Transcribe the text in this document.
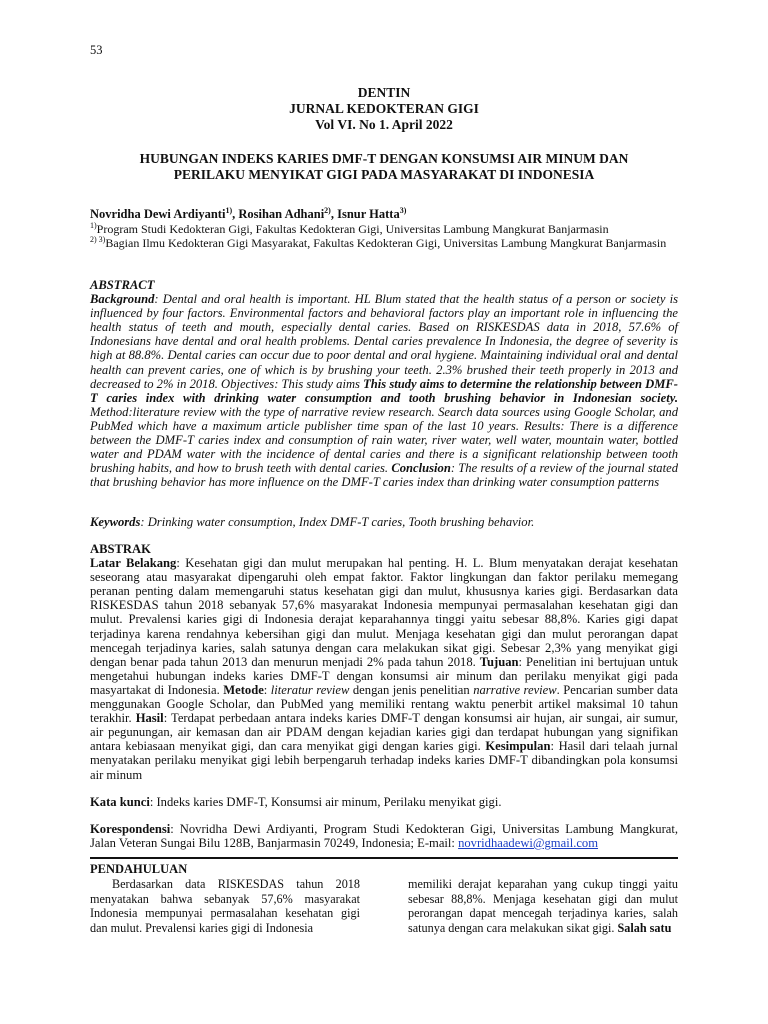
53
DENTIN
JURNAL KEDOKTERAN GIGI
Vol VI. No 1. April 2022
HUBUNGAN INDEKS KARIES DMF-T DENGAN KONSUMSI AIR MINUM DAN
PERILAKU MENYIKAT GIGI PADA MASYARAKAT DI INDONESIA
Novridha Dewi Ardiyanti$^{1)}$, Rosihan Adhani$^{2)}$, Isnur Hatta$^{3)}$
$^{1)}$Program Studi Kedokteran Gigi, Fakultas Kedokteran Gigi, Universitas Lambung Mangkurat Banjarmasin
$^{2) 3)}$Bagian Ilmu Kedokteran Gigi Masyarakat, Fakultas Kedokteran Gigi, Universitas Lambung Mangkurat Banjarmasin
ABSTRACT
Background: Dental and oral health is important. HL Blum stated that the health status of a person or society is influenced by four factors. Environmental factors and behavioral factors play an important role in influencing the health status of teeth and mouth, especially dental caries. Based on RISKESDAS data in 2018, 57.6% of Indonesians have dental and oral health problems. Dental caries prevalence In Indonesia, the degree of severity is high at 88.8%. Dental caries can occur due to poor dental and oral hygiene. Maintaining individual oral and dental health can prevent caries, one of which is by brushing your teeth. 2.3% brushed their teeth properly in 2013 and decreased to 2% in 2018. Objectives: This study aims This study aims to determine the relationship between DMF-T caries index with drinking water consumption and tooth brushing behavior in Indonesian society. Method:literature review with the type of narrative review research. Search data sources using Google Scholar, and PubMed which have a maximum article publisher time span of the last 10 years. Results: There is a difference between the DMF-T caries index and consumption of rain water, river water, well water, mountain water, bottled water and PDAM water with the incidence of dental caries and there is a significant relationship between tooth brushing habits, and how to brush teeth with dental caries. Conclusion: The results of a review of the journal stated that brushing behavior has more influence on the DMF-T caries index than drinking water consumption patterns
Keywords: Drinking water consumption, Index DMF-T caries, Tooth brushing behavior.
ABSTRAK
Latar Belakang: Kesehatan gigi dan mulut merupakan hal penting. H. L. Blum menyatakan derajat kesehatan seseorang atau masyarakat dipengaruhi oleh empat faktor. Faktor lingkungan dan faktor perilaku memegang peranan penting dalam memengaruhi status kesehatan gigi dan mulut, khususnya karies gigi. Berdasarkan data RISKESDAS tahun 2018 sebanyak 57,6% masyarakat Indonesia mempunyai permasalahan kesehatan gigi dan mulut. Prevalensi karies gigi di Indonesia derajat keparahannya tinggi yaitu sebesar 88,8%. Karies gigi dapat terjadinya karena rendahnya kebersihan gigi dan mulut. Menjaga kesehatan gigi dan mulut perorangan dapat mencegah terjadinya karies, salah satunya dengan cara melakukan sikat gigi. Sebesar 2,3% yang menyikat gigi dengan benar pada tahun 2013 dan menurun menjadi 2% pada tahun 2018. Tujuan: Penelitian ini bertujuan untuk mengetahui hubungan indeks karies DMF-T dengan konsumsi air minum dan perilaku menyikat gigi pada masyartakat di Indonesia. Metode: literatur review dengan jenis penelitian narrative review. Pencarian sumber data menggunakan Google Scholar, dan PubMed yang memiliki rentang waktu penerbit artikel maksimal 10 tahun terakhir. Hasil: Terdapat perbedaan antara indeks karies DMF-T dengan konsumsi air hujan, air sungai, air sumur, air pegunungan, air kemasan dan air PDAM dengan kejadian karies gigi dan terdapat hubungan yang signifikan antara kebiasaan menyikat gigi, dan cara menyikat gigi dengan karies gigi. Kesimpulan: Hasil dari telaah jurnal menyatakan perilaku menyikat gigi lebih berpengaruh terhadap indeks karies DMF-T dibandingkan pola konsumsi air minum
Kata kunci: Indeks karies DMF-T, Konsumsi air minum, Perilaku menyikat gigi.
Korespondensi: Novridha Dewi Ardiyanti, Program Studi Kedokteran Gigi, Universitas Lambung Mangkurat, Jalan Veteran Sungai Bilu 128B, Banjarmasin 70249, Indonesia; E-mail: novridhaadewi@gmail.com
PENDAHULUAN
Berdasarkan data RISKESDAS tahun 2018 menyatakan bahwa sebanyak 57,6% masyarakat Indonesia mempunyai permasalahan kesehatan gigi dan mulut. Prevalensi karies gigi di Indonesia
memiliki derajat keparahan yang cukup tinggi yaitu sebesar 88,8%. Menjaga kesehatan gigi dan mulut perorangan dapat mencegah terjadinya karies, salah satunya dengan cara melakukan sikat gigi. Salah satu
